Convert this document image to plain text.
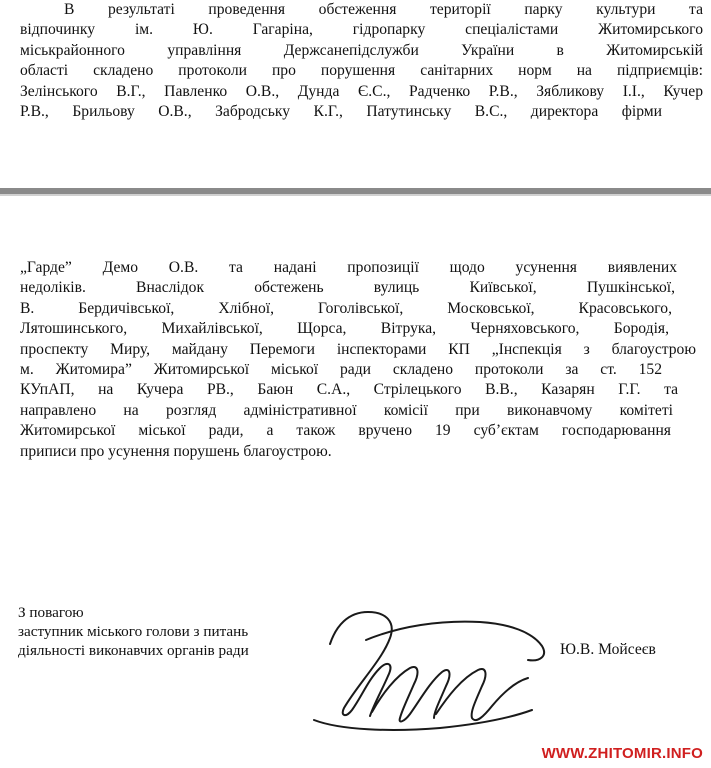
В результаті проведення обстеження території парку культури та
відпочинку ім. Ю. Гагаріна, гідропарку спеціалістами Житомирського
міськрайонного управління Держсанепідслужби України в Житомирській
області складено протоколи про порушення санітарних норм на підприємців:
Зелінського В.Г., Павленко О.В., Дунда Є.С., Радченко Р.В., Зябликову І.І., Кучер
Р.В., Брильову О.В., Забродську К.Г., Патутинську В.С., директора фірми
„Гарде” Демо О.В. та надані пропозиції щодо усунення виявлених
недоліків. Внаслідок обстежень вулиць Київської, Пушкінської,
В. Бердичівської, Хлібної, Гоголівської, Московської, Красовського,
Лятошинського, Михайлівської, Щорса, Вітрука, Черняховського, Бородія,
проспекту Миру, майдану Перемоги інспекторами КП „Інспекція з благоустрою
м. Житомира” Житомирської міської ради складено протоколи за ст. 152
КУпАП, на Кучера РВ., Баюн С.А., Стрілецького В.В., Казарян Г.Г. та
направлено на розгляд адміністративної комісії при виконавчому комітеті
Житомирської міської ради, а також вручено 19 суб’єктам господарювання
приписи про усунення порушень благоустрою.
З повагою
заступник міського голови з питань
діяльності виконавчих органів ради	Ю.В. Мойсеєв
WWW.ZHITOMIR.INFO
